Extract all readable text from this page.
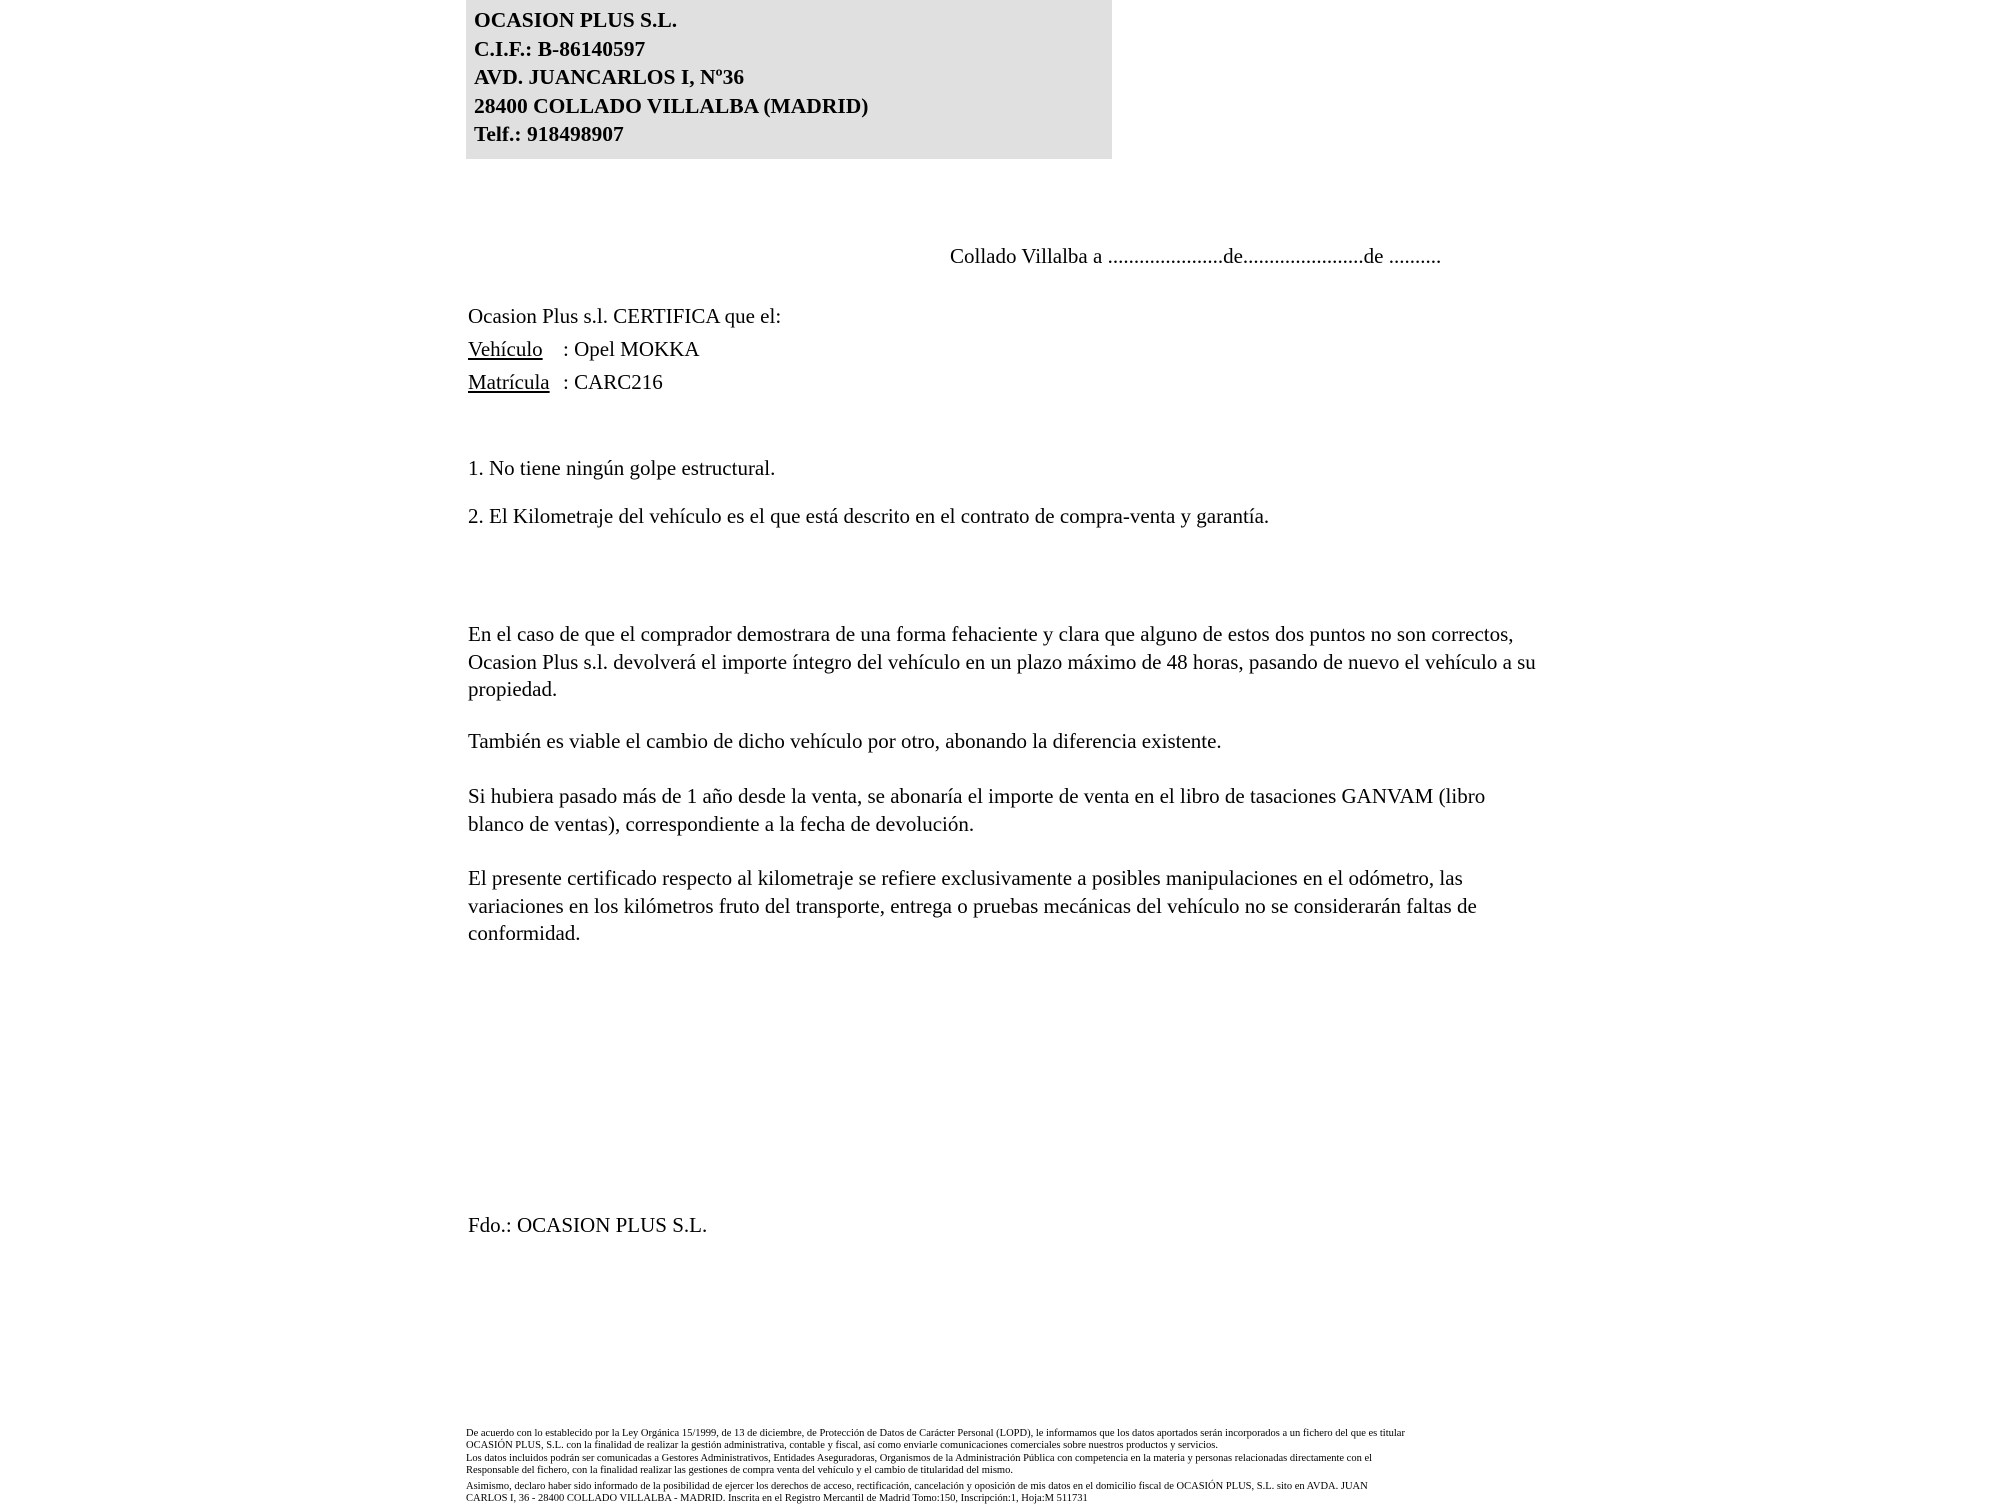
OCASION PLUS S.L.
C.I.F.: B-86140597
AVD. JUANCARLOS I, Nº36
28400 COLLADO VILLALBA (MADRID)
Telf.: 918498907
Collado Villalba a ......................de.......................de ..........
Ocasion Plus s.l. CERTIFICA que el:
Vehículo : Opel MOKKA
Matrícula : CARC216
1. No tiene ningún golpe estructural.
2. El Kilometraje del vehículo es el que está descrito en el contrato de compra-venta y garantía.
En el caso de que el comprador demostrara de una forma fehaciente y clara que alguno de estos dos puntos no son correctos, Ocasion Plus s.l. devolverá el importe íntegro del vehículo en un plazo máximo de 48 horas, pasando de nuevo el vehículo a su propiedad.
También es viable el cambio de dicho vehículo por otro, abonando la diferencia existente.
Si hubiera pasado más de 1 año desde la venta, se abonaría el importe de venta en el libro de tasaciones GANVAM (libro blanco de ventas), correspondiente a la fecha de devolución.
El presente certificado respecto al kilometraje se refiere exclusivamente a posibles manipulaciones en el odómetro, las variaciones en los kilómetros fruto del transporte, entrega o pruebas mecánicas del vehículo no se considerarán faltas de conformidad.
Fdo.: OCASION PLUS S.L.

De acuerdo con lo establecido por la Ley Orgánica 15/1999, de 13 de diciembre, de Protección de Datos de Carácter Personal (LOPD), le informamos que los datos aportados serán incorporados a un fichero del que es titular

OCASIÓN PLUS, S.L. con la finalidad de realizar la gestión administrativa, contable y fiscal, así como enviarle comunicaciones comerciales sobre nuestros productos y servicios.

Los datos incluidos podrán ser comunicadas a Gestores Administrativos, Entidades Aseguradoras, Organismos de la Administración Pública con competencia en la materia y personas relacionadas directamente con el

Responsable del fichero, con la finalidad realizar las gestiones de compra venta del vehículo y el cambio de titularidad del mismo.

Asimismo, declaro haber sido informado de la posibilidad de ejercer los derechos de acceso, rectificación, cancelación y oposición de mis datos en el domicilio fiscal de OCASIÓN PLUS, S.L. sito en AVDA. JUAN

CARLOS I, 36 - 28400 COLLADO VILLALBA - MADRID. Inscrita en el Registro Mercantil de Madrid Tomo:150, Inscripción:1, Hoja:M 511731
